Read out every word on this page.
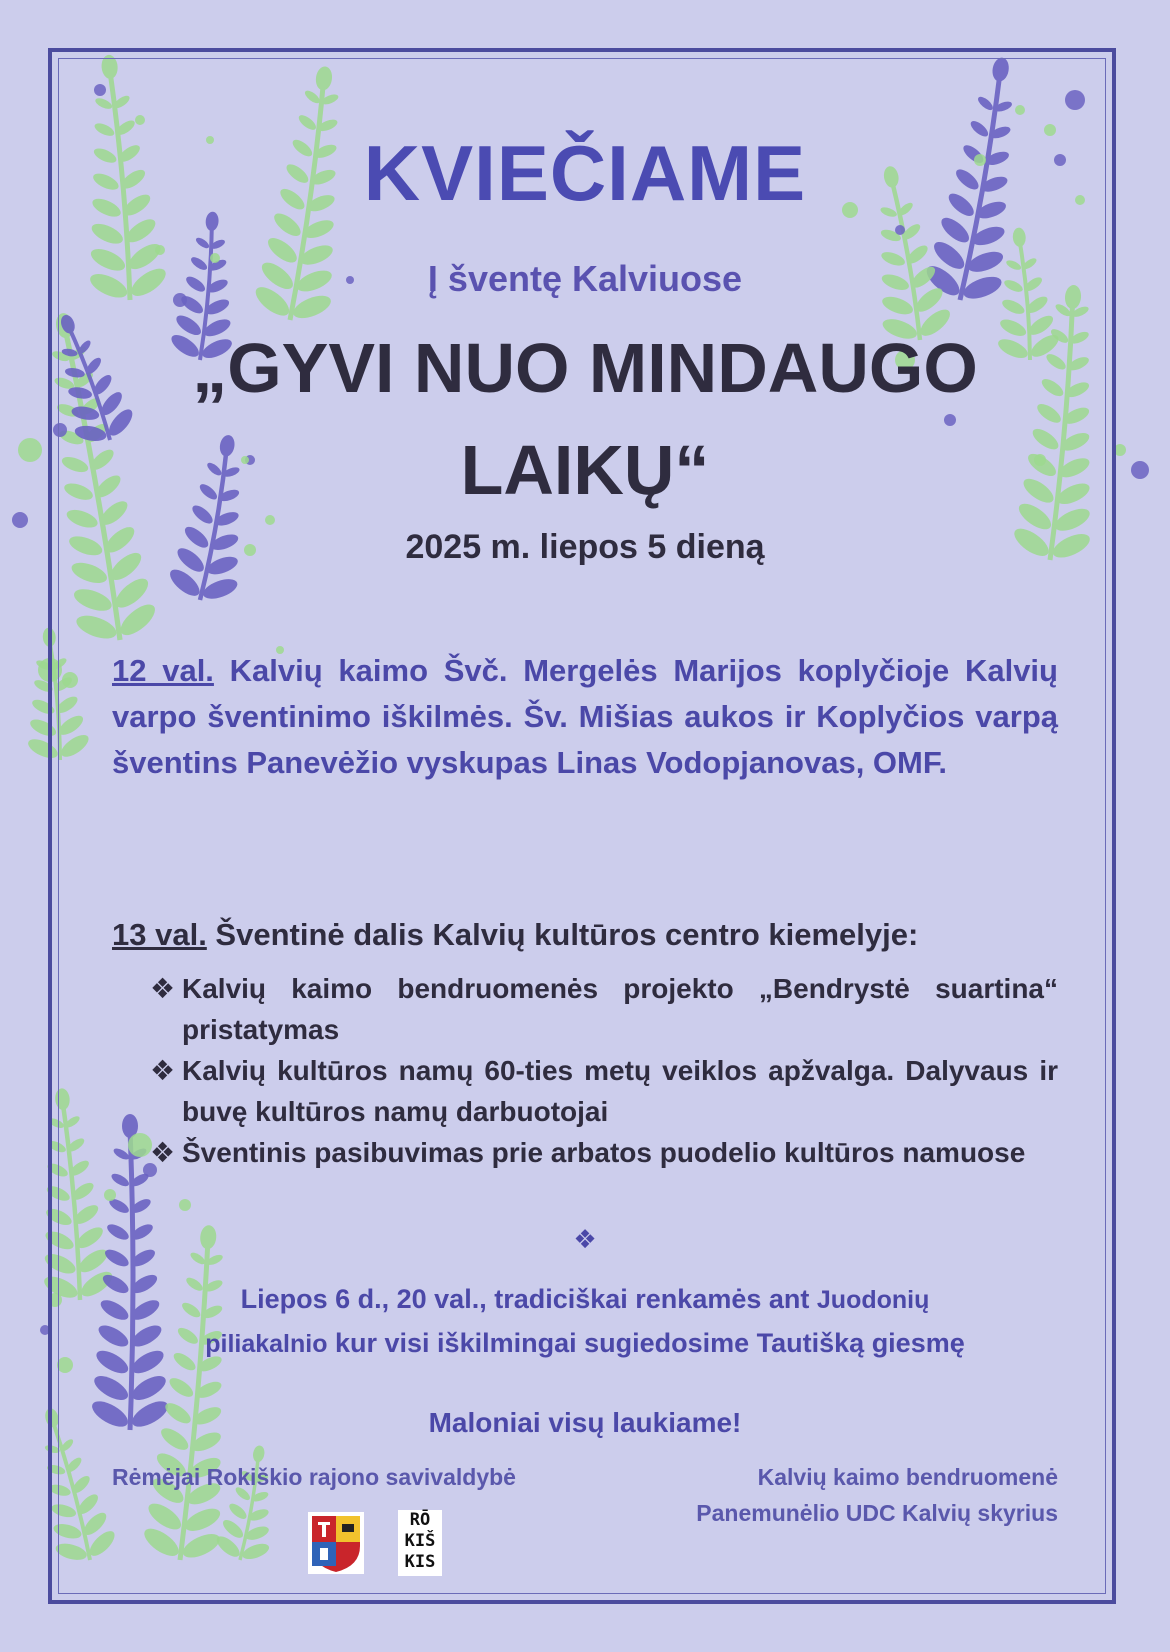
KVIEČIAME
Į šventę Kalviuose
„GYVI NUO MINDAUGO
LAIKŲ“
2025 m. liepos 5 dieną
12 val. Kalvių kaimo Švč. Mergelės Marijos koplyčioje Kalvių varpo šventinimo iškilmės. Šv. Mišias aukos ir Koplyčios varpą šventins Panevėžio vyskupas Linas Vodopjanovas, OMF.
13 val. Šventinė dalis Kalvių kultūros centro kiemelyje:
❖ Kalvių kaimo bendruomenės projekto „Bendrystė suartina“ pristatymas
❖ Kalvių kultūros namų 60-ties metų veiklos apžvalga. Dalyvaus ir buvę kultūros namų darbuotojai
❖ Šventinis pasibuvimas prie arbatos puodelio kultūros namuose
❖
Liepos 6 d., 20 val., tradiciškai renkamės ant Juodonių
piliakalnio kur visi iškilmingai sugiedosime Tautišką giesmę
Maloniai visų laukiame!
Rėmėjai Rokiškio rajono savivaldybė	Kalvių kaimo bendruomenė
Panemunėlio UDC Kalvių skyrius
RŌ
KIŠ
KIS
